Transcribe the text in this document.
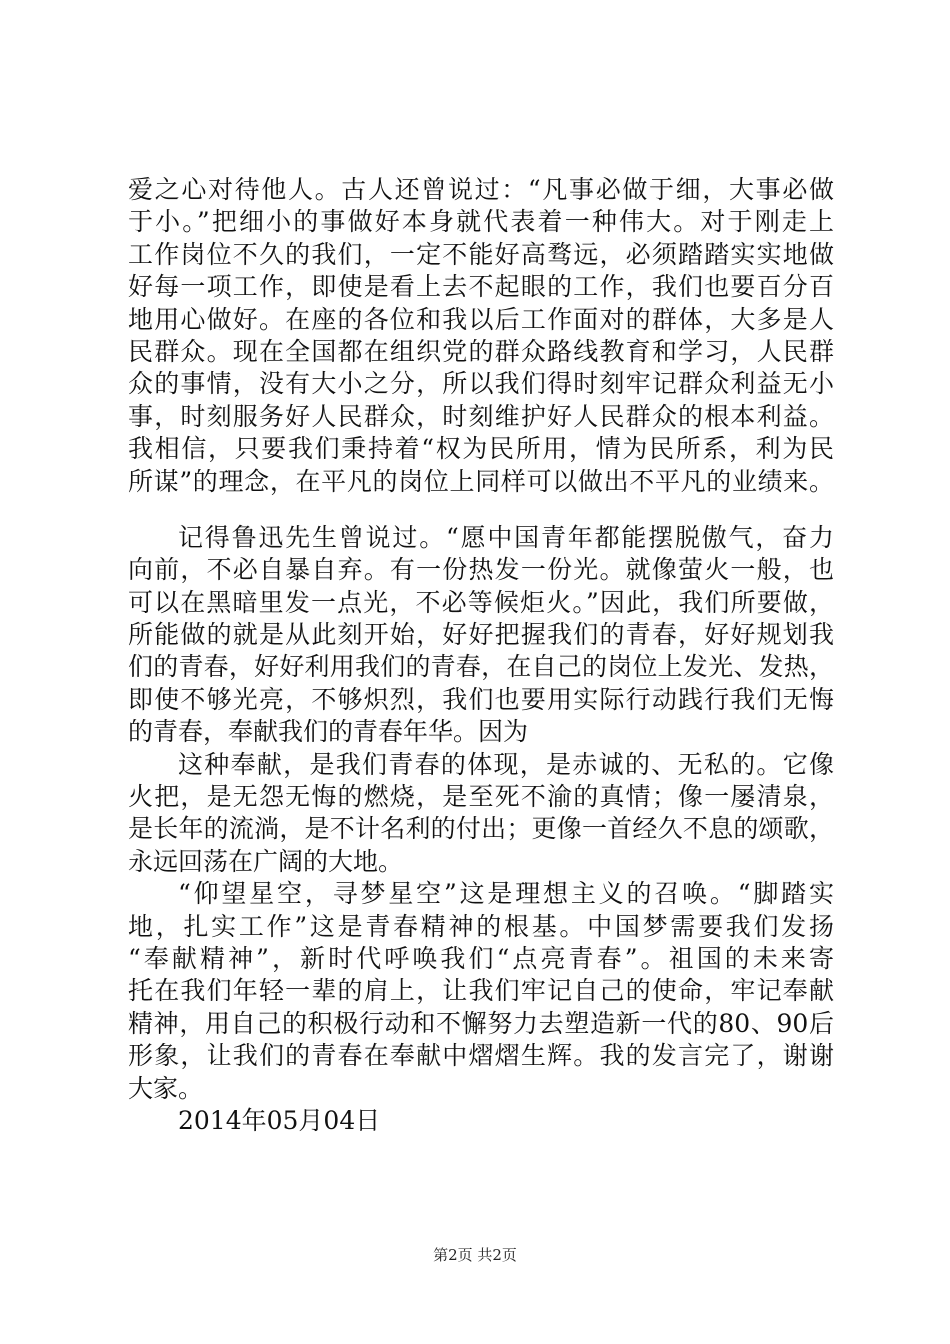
爱之心对待他人。古人还曾说过：“凡事必做于细，大事必做
于小。”把细小的事做好本身就代表着一种伟大。对于刚走上
工作岗位不久的我们，一定不能好高骛远，必须踏踏实实地做
好每一项工作，即使是看上去不起眼的工作，我们也要百分百
地用心做好。在座的各位和我以后工作面对的群体，大多是人
民群众。现在全国都在组织党的群众路线教育和学习，人民群
众的事情，没有大小之分，所以我们得时刻牢记群众利益无小
事，时刻服务好人民群众，时刻维护好人民群众的根本利益。
我相信，只要我们秉持着“权为民所用，情为民所系，利为民
所谋”的理念，在平凡的岗位上同样可以做出不平凡的业绩来。
记得鲁迅先生曾说过。“愿中国青年都能摆脱傲气，奋力
向前，不必自暴自弃。有一份热发一份光。就像萤火一般，也
可以在黑暗里发一点光，不必等候炬火。”因此，我们所要做，
所能做的就是从此刻开始，好好把握我们的青春，好好规划我
们的青春，好好利用我们的青春，在自己的岗位上发光、发热，
即使不够光亮，不够炽烈，我们也要用实际行动践行我们无悔
的青春，奉献我们的青春年华。因为
这种奉献，是我们青春的体现，是赤诚的、无私的。它像
火把，是无怨无悔的燃烧，是至死不渝的真情；像一屡清泉，
是长年的流淌，是不计名利的付出；更像一首经久不息的颂歌，
永远回荡在广阔的大地。
“仰望星空，寻梦星空”这是理想主义的召唤。“脚踏实
地，扎实工作”这是青春精神的根基。中国梦需要我们发扬
“奉献精神”，新时代呼唤我们“点亮青春”。祖国的未来寄
托在我们年轻一辈的肩上，让我们牢记自己的使命，牢记奉献
精神，用自己的积极行动和不懈努力去塑造新一代的80、90后
形象，让我们的青春在奉献中熠熠生辉。我的发言完了，谢谢
大家。
2014年05月04日
第2页 共2页
